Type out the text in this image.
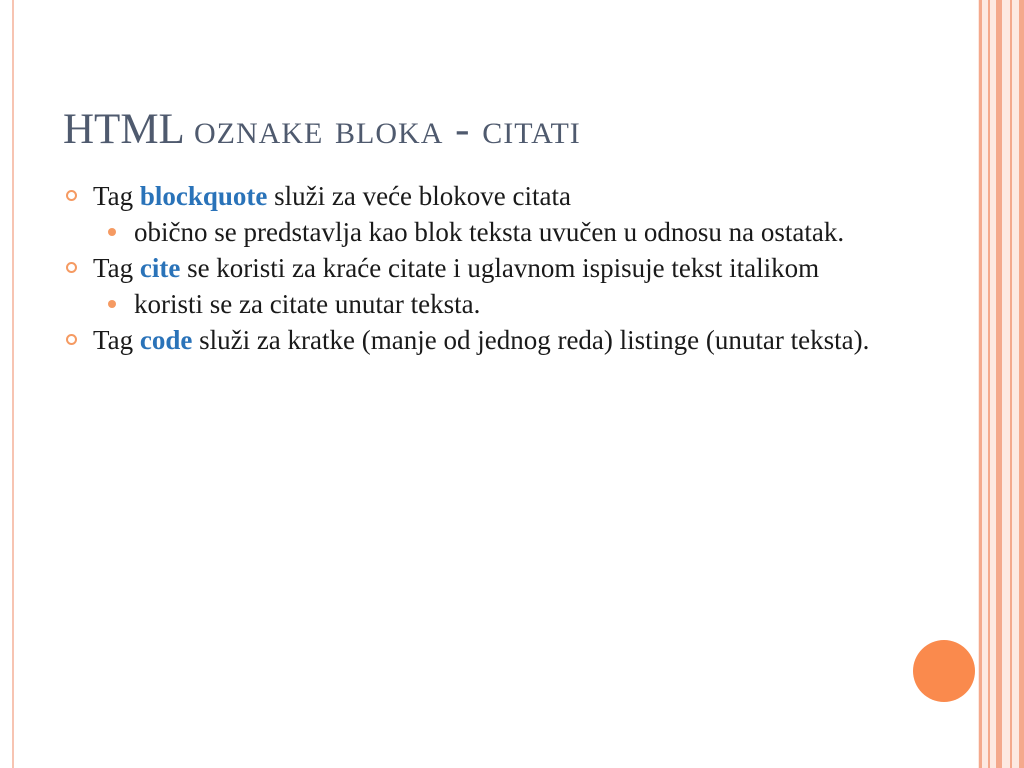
HTML oznake bloka - citati
Tag blockquote služi za veće blokove citata
obično se predstavlja kao blok teksta uvučen u odnosu na ostatak.
Tag cite se koristi za kraće citate i uglavnom ispisuje tekst italikom
koristi se za citate unutar teksta.
Tag code služi za kratke (manje od jednog reda) listinge (unutar teksta).
